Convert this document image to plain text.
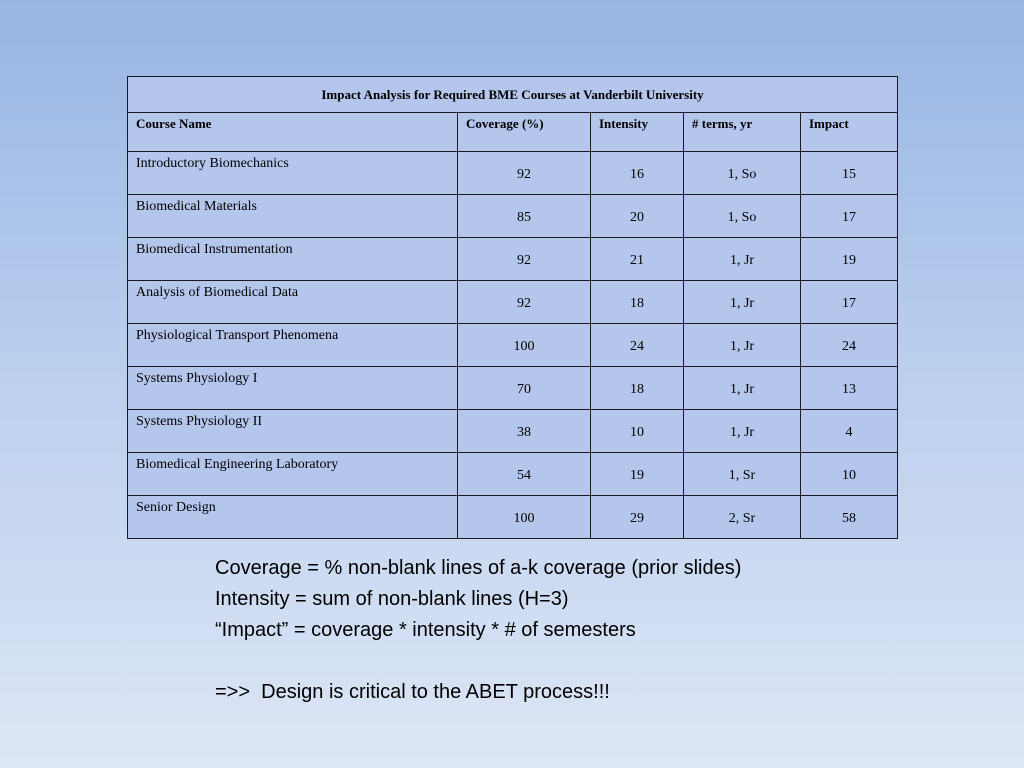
Impact Analysis for Required BME Courses at Vanderbilt University				
Course Name	Coverage (%)	Intensity	# terms, yr	Impact
Introductory Biomechanics	92	16	1, So	15
Biomedical Materials	85	20	1, So	17
Biomedical Instrumentation	92	21	1, Jr	19
Analysis of Biomedical Data	92	18	1, Jr	17
Physiological Transport Phenomena	100	24	1, Jr	24
Systems Physiology I	70	18	1, Jr	13
Systems Physiology II	38	10	1, Jr	4
Biomedical Engineering Laboratory	54	19	1, Sr	10
Senior Design	100	29	2, Sr	58
Coverage = % non-blank lines of a-k coverage (prior slides)
Intensity = sum of non-blank lines (H=3)
“Impact” = coverage * intensity * # of semesters
=>>  Design is critical to the ABET process!!!
